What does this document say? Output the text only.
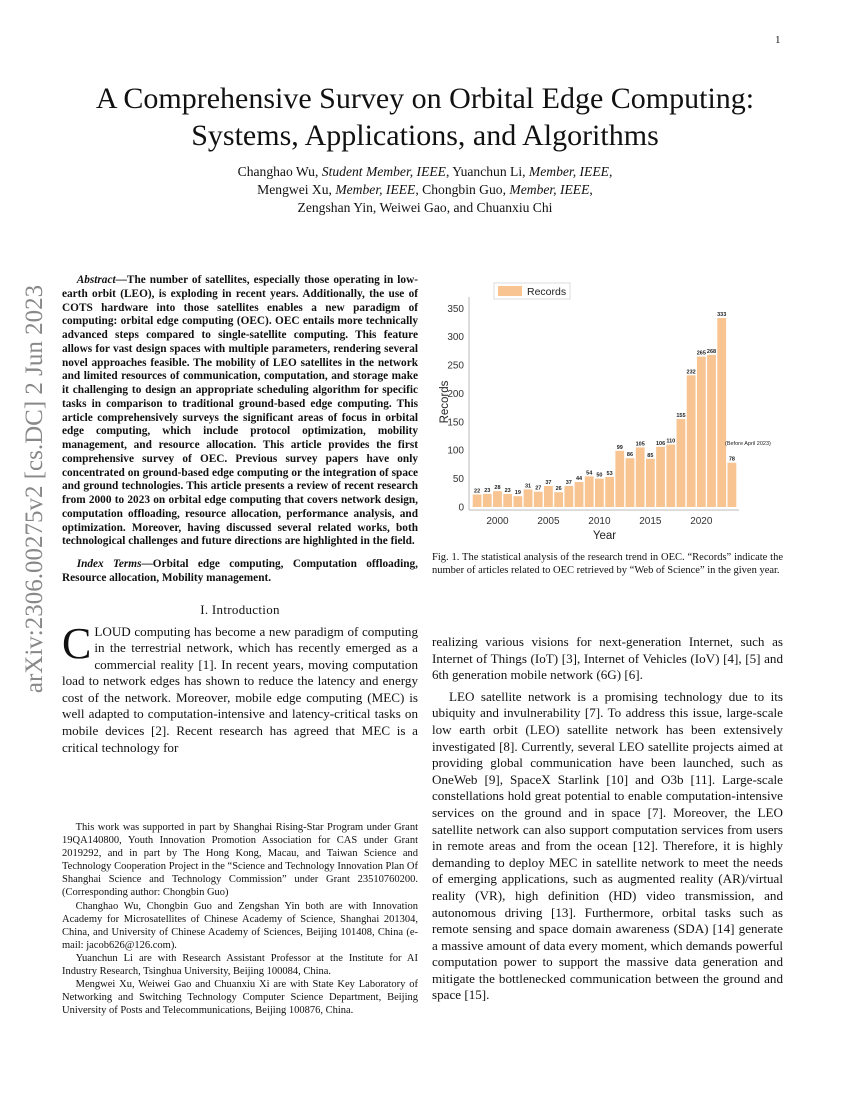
1
A Comprehensive Survey on Orbital Edge Computing: Systems, Applications, and Algorithms
Changhao Wu, Student Member, IEEE, Yuanchun Li, Member, IEEE,
Mengwei Xu, Member, IEEE, Chongbin Guo, Member, IEEE,
Zengshan Yin, Weiwei Gao, and Chuanxiu Chi
arXiv:2306.00275v2 [cs.DC] 2 Jun 2023

Abstract—The number of satellites, especially those operating in low-earth orbit (LEO), is exploding in recent years. Additionally, the use of COTS hardware into those satellites enables a new paradigm of computing: orbital edge computing (OEC). OEC entails more technically advanced steps compared to single-satellite computing. This feature allows for vast design spaces with multiple parameters, rendering several novel approaches feasible. The mobility of LEO satellites in the network and limited resources of communication, computation, and storage make it challenging to design an appropriate scheduling algorithm for specific tasks in comparison to traditional ground-based edge computing. This article comprehensively surveys the significant areas of focus in orbital edge computing, which include protocol optimization, mobility management, and resource allocation. This article provides the first comprehensive survey of OEC. Previous survey papers have only concentrated on ground-based edge computing or the integration of space and ground technologies. This article presents a review of recent research from 2000 to 2023 on orbital edge computing that covers network design, computation offloading, resource allocation, performance analysis, and optimization. Moreover, having discussed several related works, both technological challenges and future directions are highlighted in the field.

Index Terms—Orbital edge computing, Computation offloading, Resource allocation, Mobility management.

I. Introduction

CLOUD computing has become a new paradigm of computing in the terrestrial network, which has recently emerged as a commercial reality [1]. In recent years, moving computation load to network edges has shown to reduce the latency and energy cost of the network. Moreover, mobile edge computing (MEC) is well adapted to computation-intensive and latency-critical tasks on mobile devices [2]. Recent research has agreed that MEC is a critical technology for

This work was supported in part by Shanghai Rising-Star Program under Grant 19QA140800, Youth Innovation Promotion Association for CAS under Grant 2019292, and in part by The Hong Kong, Macau, and Taiwan Science and Technology Cooperation Project in the “Science and Technology Innovation Plan Of Shanghai Science and Technology Commission” under Grant 23510760200. (Corresponding author: Chongbin Guo)

Changhao Wu, Chongbin Guo and Zengshan Yin both are with Innovation Academy for Microsatellites of Chinese Academy of Science, Shanghai 201304, China, and University of Chinese Academy of Sciences, Beijing 101408, China (e-mail: jacob626@126.com).

Yuanchun Li are with Research Assistant Professor at the Institute for AI Industry Research, Tsinghua University, Beijing 100084, China.

Mengwei Xu, Weiwei Gao and Chuanxiu Xi are with State Key Laboratory of Networking and Switching Technology Computer Science Department, Beijing University of Posts and Telecommunications, Beijing 100876, China.

0
50
100
150
200
250
300
350
2000	2005	2010	2015	2020
22 23 28 23 19
31 27
37
26
37
44
54 50 53
99
86
105
85
106 110
155
232
265 268
333
78
(Before April 2023)
Year
Records
Records
Fig. 1. The statistical analysis of the research trend in OEC. “Records” indicate the number of articles related to OEC retrieved by “Web of Science” in the given year.

realizing various visions for next-generation Internet, such as Internet of Things (IoT) [3], Internet of Vehicles (IoV) [4], [5] and 6th generation mobile network (6G) [6].

LEO satellite network is a promising technology due to its ubiquity and invulnerability [7]. To address this issue, large-scale low earth orbit (LEO) satellite network has been extensively investigated [8]. Currently, several LEO satellite projects aimed at providing global communication have been launched, such as OneWeb [9], SpaceX Starlink [10] and O3b [11]. Large-scale constellations hold great potential to enable computation-intensive services on the ground and in space [7]. Moreover, the LEO satellite network can also support computation services from users in remote areas and from the ocean [12]. Therefore, it is highly demanding to deploy MEC in satellite network to meet the needs of emerging applications, such as augmented reality (AR)/virtual reality (VR), high definition (HD) video transmission, and autonomous driving [13]. Furthermore, orbital tasks such as remote sensing and space domain awareness (SDA) [14] generate a massive amount of data every moment, which demands powerful computation power to support the massive data generation and mitigate the bottlenecked communication between the ground and space [15].
